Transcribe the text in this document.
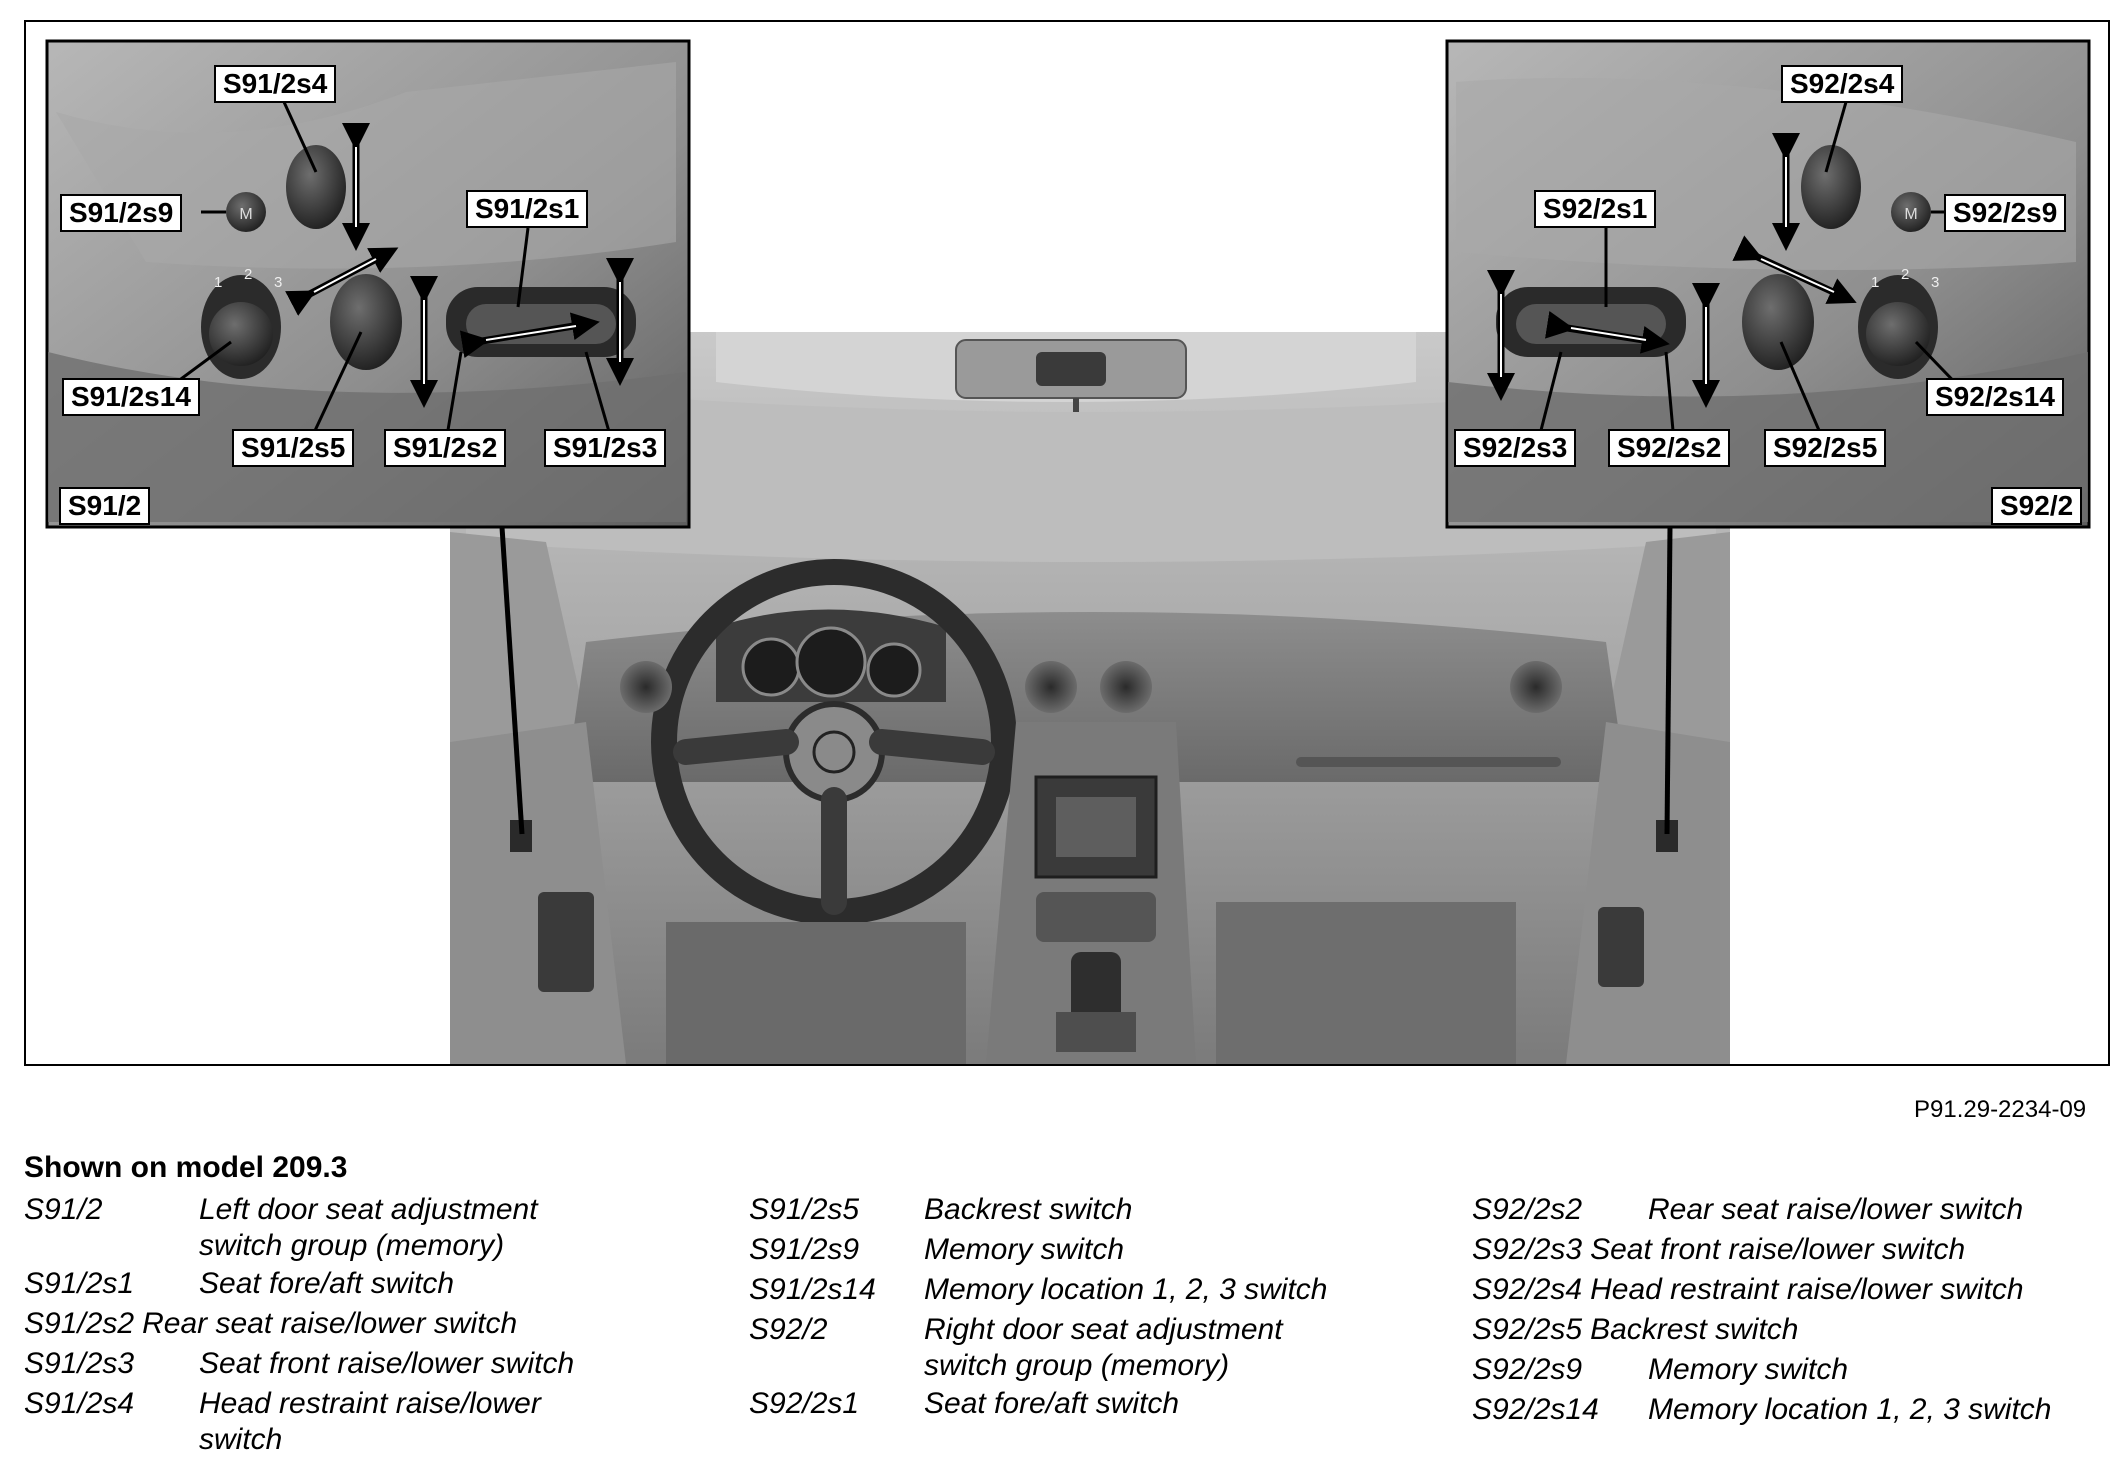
M
1 2 3
M
1 2 3
S91/2s4
S91/2s9	S91/2s1
S91/2s14
S91/2s5	S91/2s2	S91/2s3
S91/2
S92/2s4
S92/2s1	S92/2s9
S92/2s14
S92/2s3	S92/2s2	S92/2s5
S92/2
P91.29-2234-09
Shown on model 209.3
S91/2	Left door seat adjustment switch group (memory)
S91/2s1 Seat fore/aft switch
S91/2s2 Rear seat raise/lower switch
S91/2s3 Seat front raise/lower switch
S91/2s4 Head restraint raise/lower switch
S91/2s5 Backrest switch
S91/2s9 Memory switch
S91/2s14 Memory location 1, 2, 3 switch
S92/2	Right door seat adjustment switch group (memory)
S92/2s1 Seat fore/aft switch
S92/2s2 Rear seat raise/lower switch
S92/2s3 Seat front raise/lower switch
S92/2s4 Head restraint raise/lower switch
S92/2s5 Backrest switch
S92/2s9 Memory switch
S92/2s14 Memory location 1, 2, 3 switch
